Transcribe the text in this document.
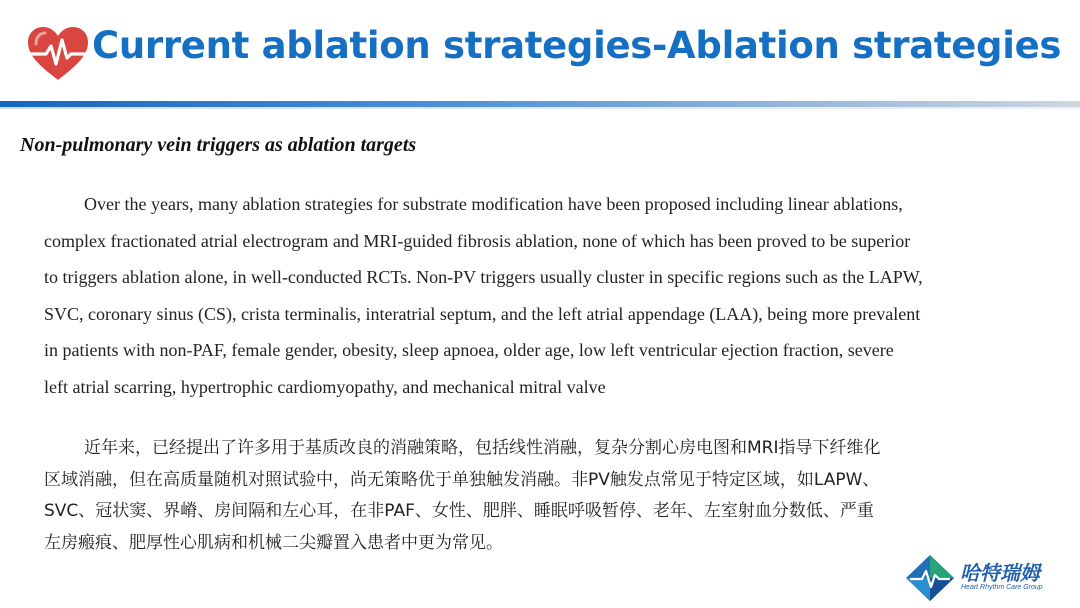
Current ablation strategies-Ablation strategies
Non-pulmonary vein triggers as ablation targets
Over the years, many ablation strategies for substrate modification have been proposed including linear ablations,
complex fractionated atrial electrogram and MRI-guided fibrosis ablation, none of which has been proved to be superior
to triggers ablation alone, in well-conducted RCTs. Non-PV triggers usually cluster in specific regions such as the LAPW,
SVC, coronary sinus (CS), crista terminalis, interatrial septum, and the left atrial appendage (LAA), being more prevalent
in patients with non-PAF, female gender, obesity, sleep apnoea, older age, low left ventricular ejection fraction, severe
left atrial scarring, hypertrophic cardiomyopathy, and mechanical mitral valve
近年来，已经提出了许多用于基质改良的消融策略，包括线性消融，复杂分割心房电图和MRI指导下纤维化
区域消融，但在高质量随机对照试验中，尚无策略优于单独触发消融。非PV触发点常见于特定区域，如LAPW、
SVC、冠状窦、界嵴、房间隔和左心耳，在非PAF、女性、肥胖、睡眠呼吸暂停、老年、左室射血分数低、严重
左房瘢痕、肥厚性心肌病和机械二尖瓣置入患者中更为常见。
哈特瑞姆
Heart Rhythm Care Group
